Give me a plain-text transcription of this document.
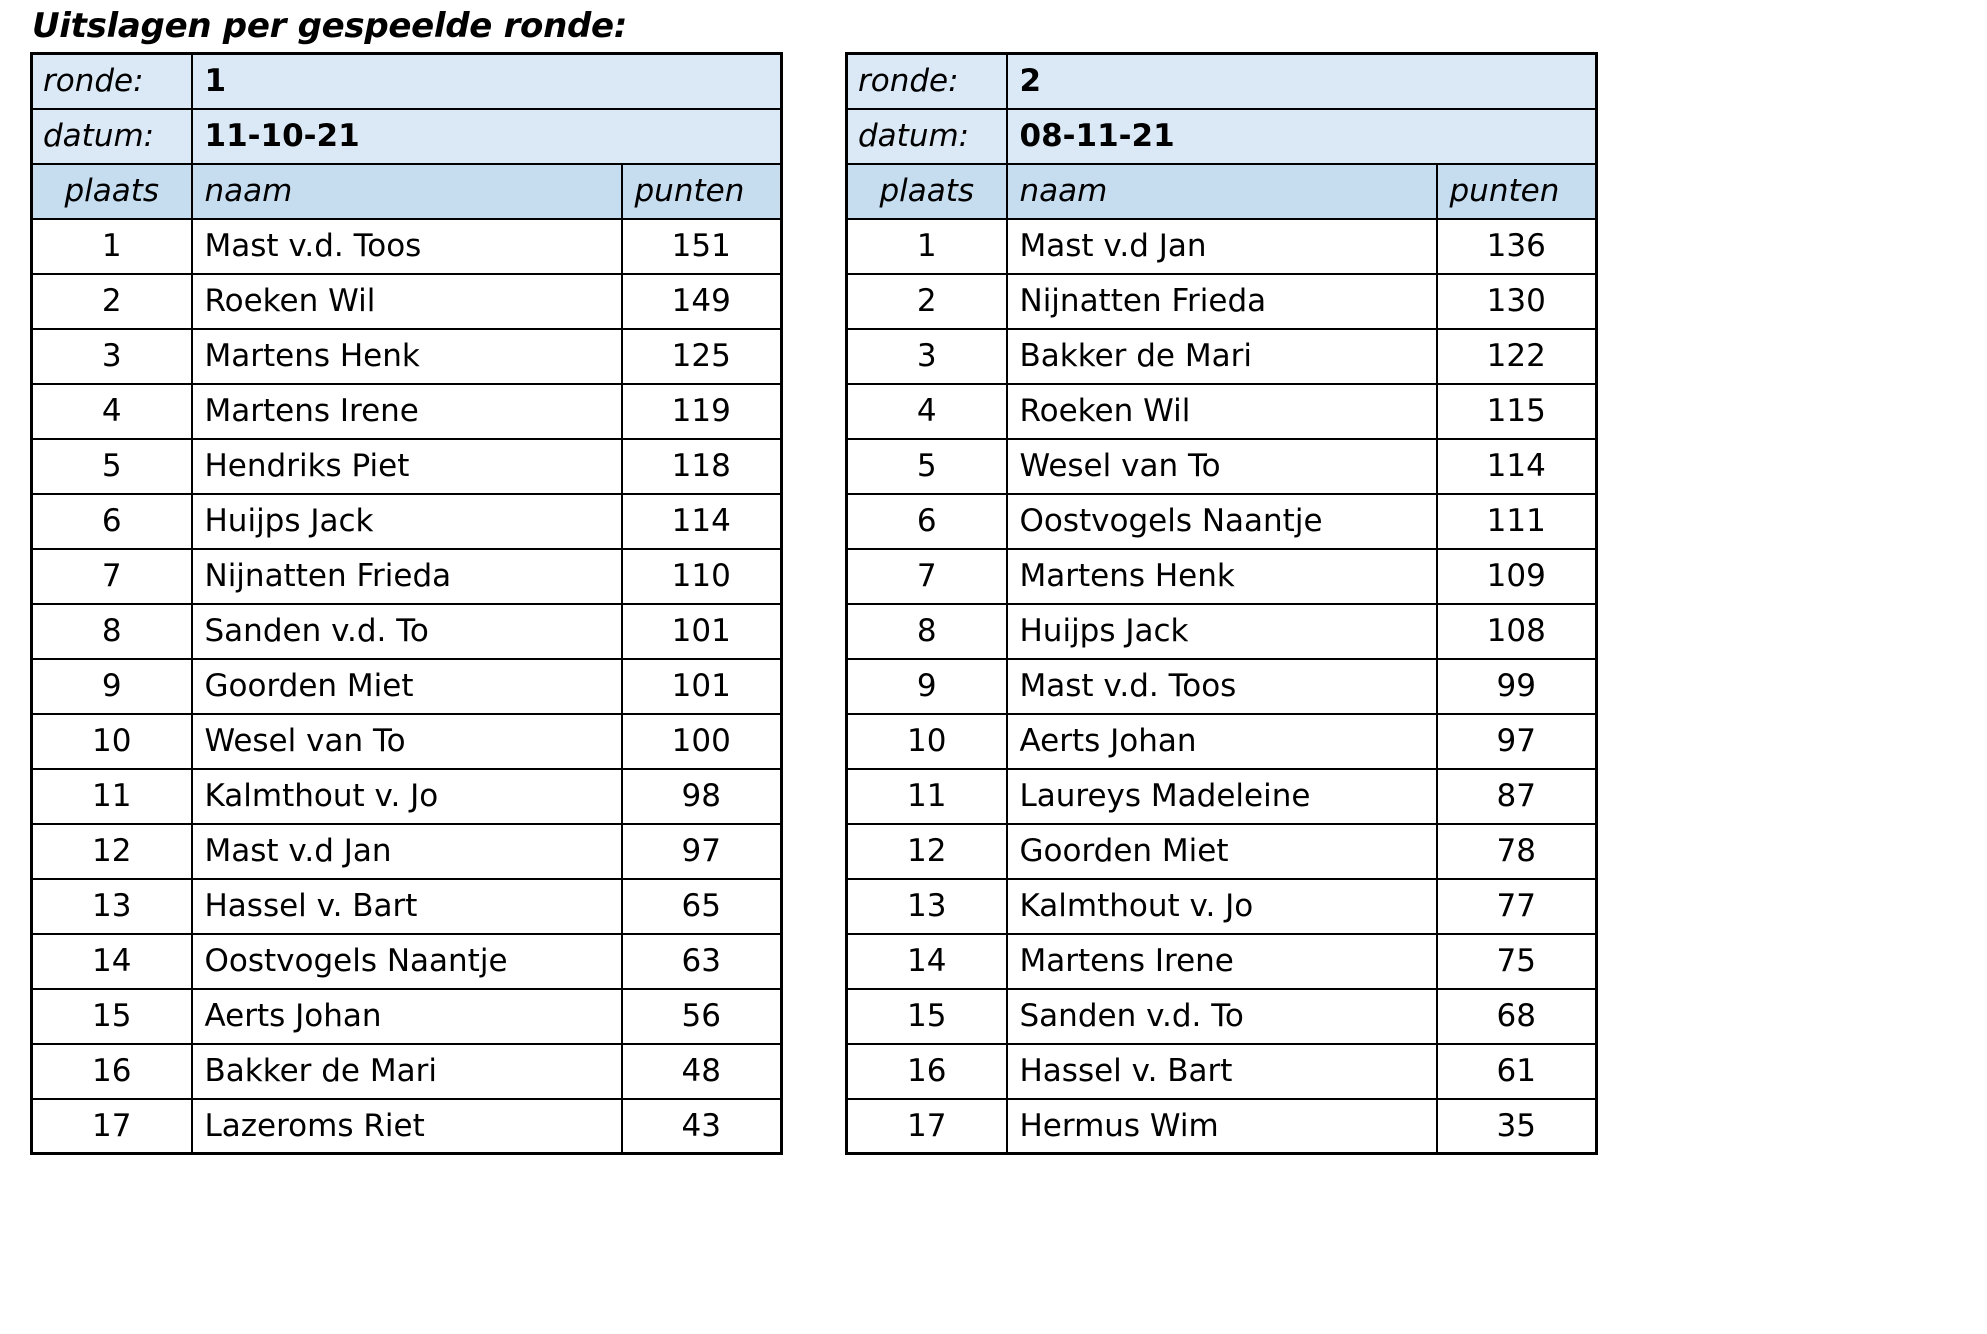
Uitslagen per gespeelde ronde:
ronde:	1	
datum:	11-10-21	
plaats	naam	punten
1	Mast v.d. Toos	151
2	Roeken Wil	149
3	Martens Henk	125
4	Martens Irene	119
5	Hendriks Piet	118
6	Huijps Jack	114
7	Nijnatten Frieda	110
8	Sanden v.d. To	101
9	Goorden Miet	101
10	Wesel van To	100
11	Kalmthout v. Jo	98
12	Mast v.d Jan	97
13	Hassel v. Bart	65
14	Oostvogels Naantje	63
15	Aerts Johan	56
16	Bakker de Mari	48
17	Lazeroms Riet	43
ronde:	2	
datum:	08-11-21	
plaats	naam	punten
1	Mast v.d Jan	136
2	Nijnatten Frieda	130
3	Bakker de Mari	122
4	Roeken Wil	115
5	Wesel van To	114
6	Oostvogels Naantje	111
7	Martens Henk	109
8	Huijps Jack	108
9	Mast v.d. Toos	99
10	Aerts Johan	97
11	Laureys Madeleine	87
12	Goorden Miet	78
13	Kalmthout v. Jo	77
14	Martens Irene	75
15	Sanden v.d. To	68
16	Hassel v. Bart	61
17	Hermus Wim	35
